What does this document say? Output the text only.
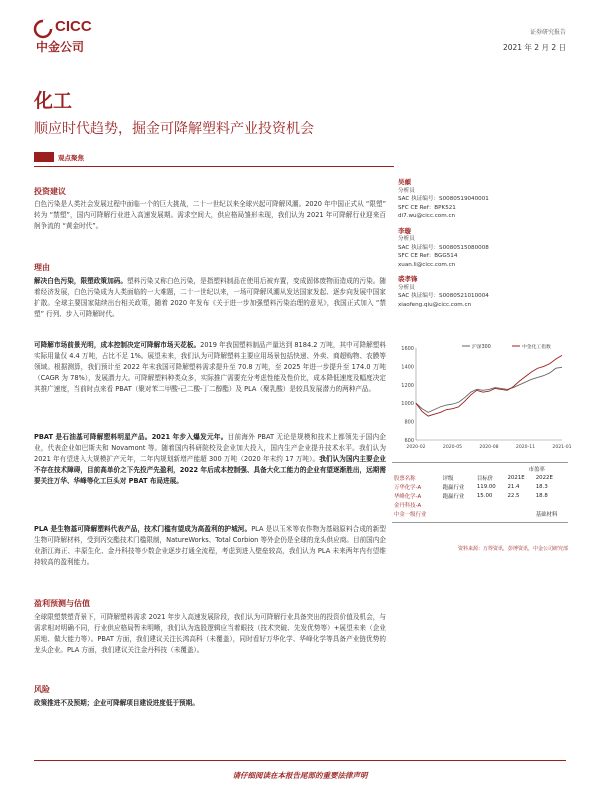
CICC
中金公司
证券研究报告
2021 年 2 月 2 日
化工
顺应时代趋势，掘金可降解塑料产业投资机会
观点聚焦
投资建议
白色污染是人类社会发展过程中面临一个的巨大挑战，二十一世纪以来全球兴起可降解风潮。2020 年中国正式从 “限塑” 转为 “禁塑”，国内可降解行业进入高速发展期。需求空间大，供应格局雏形未现，我们认为 2021 年可降解行业迎来百舸争流的 “黄金时代”。
理由
解决白色污染，限塑政策加码。塑料污染又称白色污染，是指塑料制品在使用后被弃置，变成固体废物而造成的污染。随着经济发展，白色污染成为人类面临的一大难题，二十一世纪以来，一场可降解风潮从发达国家发起、逐步向发展中国家扩散。全球主要国家陆续出台相关政策，随着 2020 年发布《关于进一步加强塑料污染治理的意见》，我国正式加入 “禁塑” 行列、步入可降解时代。
可降解市场前景光明，成本控制决定可降解市场天花板。2019 年我国塑料制品产量达到 8184.2 万吨，其中可降解塑料实际用量仅 4.4 万吨，占比不足 1%。展望未来，我们认为可降解塑料主要应用场景包括快递、外卖、商超购物、农膜等领域。根据测算，我们预计至 2022 年末我国可降解塑料需求提升至 70.8 万吨，至 2025 年进一步提升至 174.0 万吨（CAGR 为 78%），发展潜力大。可降解塑料种类众多，实际推广需要充分考虑性能及性价比，成本降低速度及幅度决定其推广速度，当前时点来看 PBAT（聚对苯二甲酸-己二酸-丁二醇酯）及 PLA（聚乳酸）是较具发展潜力的两种产品。
PBAT 是石油基可降解塑料明星产品。2021 年步入爆发元年。目前海外 PBAT 无论是规模和技术上都领先于国内企业，代表企业如巴斯夫和 Novamont 等。随着国内科研院校及企业加大投入，国内生产企业提升技术水平。我们认为 2021 年有望进入大规模扩产元年，二年内规划新增产能超 300 万吨（2020 年末约 17 万吨）。我们认为国内主要企业不存在技术障碍，目前高单价之下先投产先盈利，2022 年后成本控制强、具备大化工能力的企业有望逐渐胜出，远期需要关注万华、华峰等化工巨头对 PBAT 布局进展。
PLA 是生物基可降解塑料代表产品，技术门槛有望成为高盈利的护城河。PLA 是以玉米等农作物为基础原料合成的新型生物可降解材料，受到丙交酯技术门槛限制，NatureWorks、Total Corbion 等外企仍是全球的龙头供应商。目前国内企业浙江海正、丰原生化、金丹科技等少数企业逐步打通全流程，考虑到进入壁垒较高，我们认为 PLA 未来两年内有望维持较高的盈利能力。
盈利预测与估值
全球限塑禁塑背景下，可降解塑料需求 2021 年步入高速发展阶段，我们认为可降解行业具备突出的投资价值及机会，与需求相对明确不同，行业供应格局暂未明晰，我们认为选股逻辑应当着眼技（技术突破、先发优势等）+展望未来（企业质地、做大能力等）。PBAT 方面，我们建议关注长鸿高科（未覆盖），同时看好万华化学、华峰化学等具备产业链优势的龙头企业。PLA 方面，我们建议关注金丹科技（未覆盖）。
风险
政策推进不及预期；企业可降解项目建设进度低于预期。
吴頔
分析员
SAC 执证编号：S0080519040001
SFC CE Ref：BPK521
di7.wu@cicc.com.cn
李璇
分析员
SAC 执证编号：S0080515080008
SFC CE Ref：BGG514
xuan.li@cicc.com.cn
裘孝锋
分析员
SAC 执证编号：S0080521010004
xiaofeng.qiu@cicc.com.cn
600
800
1000
1200
1400
1600
2020-02	2020-05	2020-08	2020-11	2021-01
沪深300	中金化工指数
			市盈率	
股票名称	评级	目标价	2021E	2022E
万华化学-A	跑赢行业	119.00	21.4	18.3
华峰化学-A	跑赢行业	15.00	22.5	18.8
金丹科技-A				
中金一级行业				基础材料
资料来源：万得资讯，彭博资讯，中金公司研究部
请仔细阅读在本报告尾部的重要法律声明
